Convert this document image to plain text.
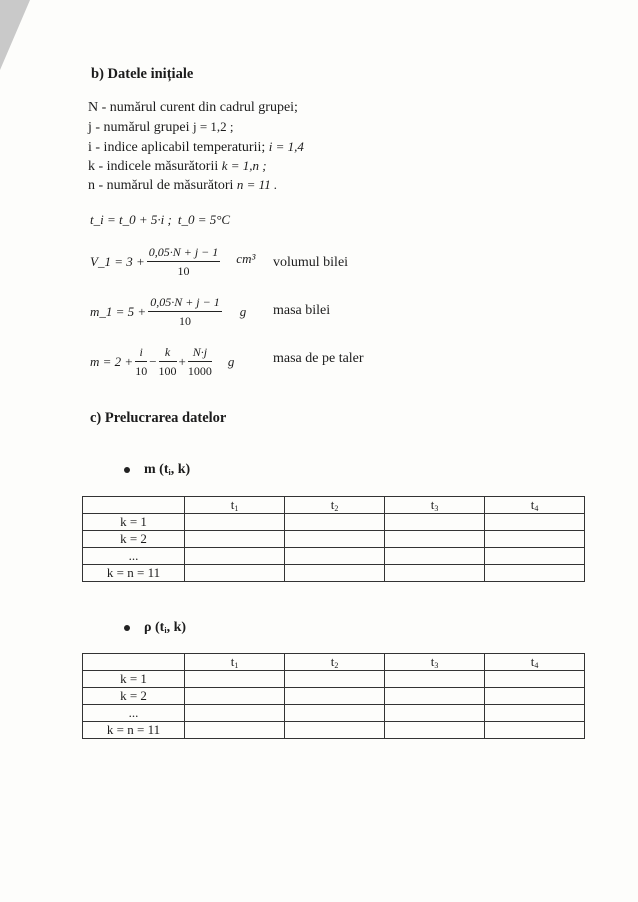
b) Datele inițiale
N - numărul curent din cadrul grupei;
j - numărul grupei j = 1,2 ;
i - indice aplicabil temperaturii; i = 1,4
k - indicele măsurătorii k = 1,n ;
n - numărul de măsurători n = 11 .
t_i = t_0 + 5·i ; t_0 = 5°C
V_1 = $3 + \frac{0,05\cdot N + j - 1}{10} cm^3$ volumul bilei
m_1 = $5 + \frac{0,05\cdot N + j - 1}{10}$ g masa bilei
$m = 2 + \frac{i}{10} - \frac{k}{100} + \frac{N\cdot j}{1000}$ g	masa de pe taler
c) Prelucrarea datelor
m (ti, k)
	t1	t2	t3	t4
k = 1				
k = 2				
...				
k = n = 11				
ρ (ti, k)
	t1	t2	t3	t4
k = 1				
k = 2				
...				
k = n = 11				
